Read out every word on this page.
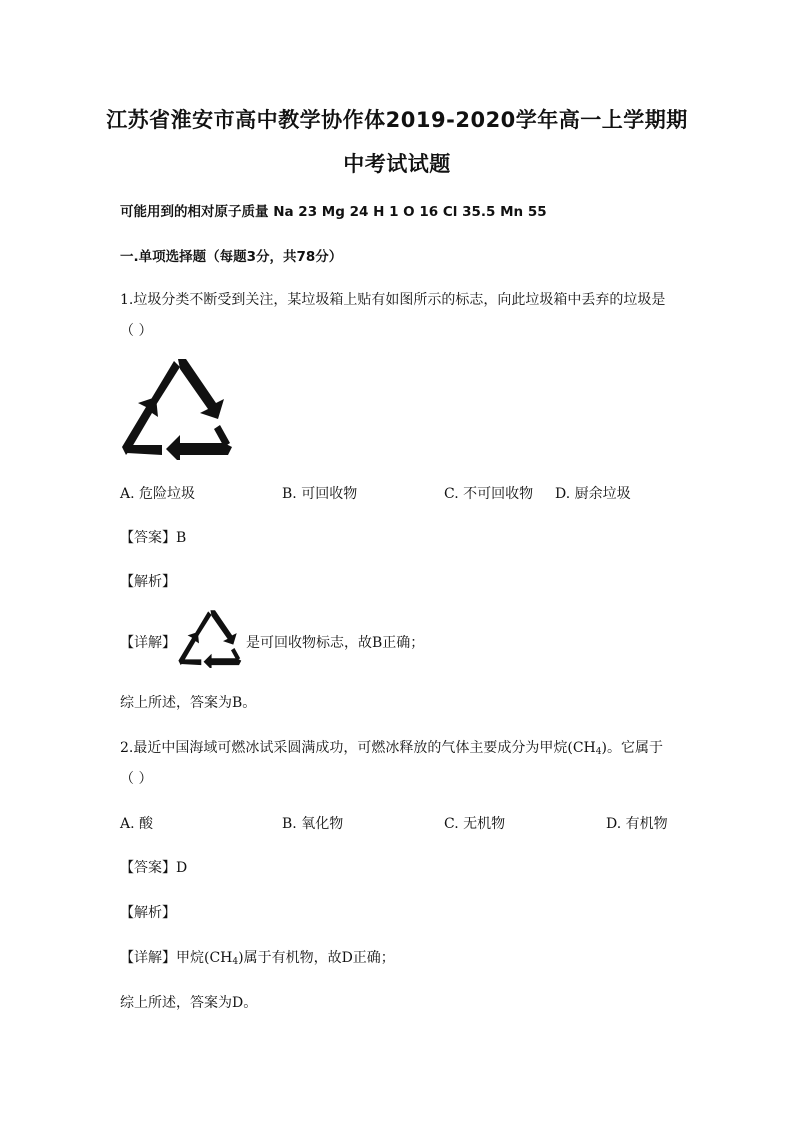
江苏省淮安市高中教学协作体2019-2020学年高一上学期期
中考试试题
可能用到的相对原子质量 Na 23 Mg 24 H 1 O 16 Cl 35.5 Mn 55
一.单项选择题（每题3分，共78分）
1.垃圾分类不断受到关注，某垃圾箱上贴有如图所示的标志，向此垃圾箱中丢弃的垃圾是
（ ）
A. 危险垃圾	B. 可回收物	C. 不可回收物 D. 厨余垃圾
【答案】B
【解析】
【详解】	是可回收物标志，故B正确；
综上所述，答案为B。
2.最近中国海域可燃冰试采圆满成功，可燃冰释放的气体主要成分为甲烷$(CH_4)$。它属于
（ ）
A. 酸	B. 氧化物	C. 无机物	D. 有机物
【答案】D
【解析】
【详解】甲烷$(CH_4)$属于有机物，故D正确；
综上所述，答案为D。
